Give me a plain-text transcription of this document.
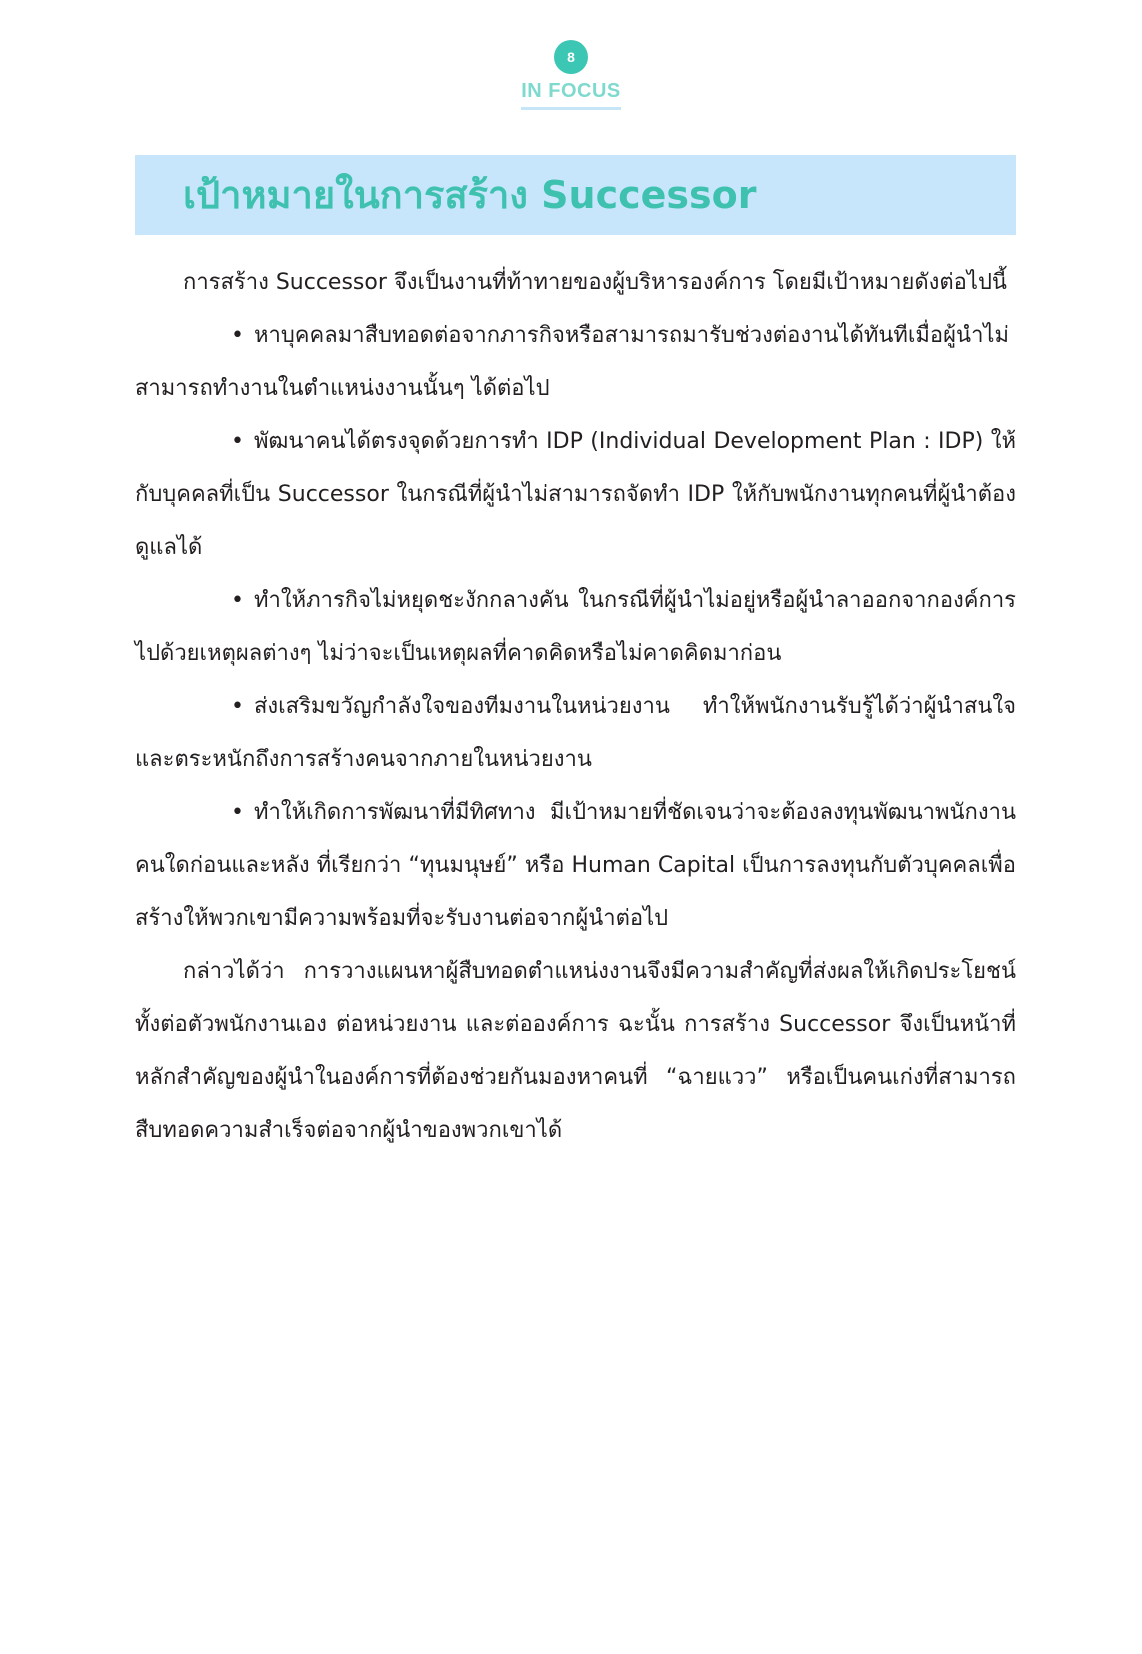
8
IN FOCUS
เป้าหมายในการสร้าง Successor

การสร้าง Successor จึงเป็นงานที่ท้าทายของผู้บริหารองค์การ โดยมีเป้าหมายดังต่อไปนี้

• หาบุคคลมาสืบทอดต่อจากภารกิจหรือสามารถมารับช่วงต่องานได้ทันทีเมื่อผู้นำไม่สามารถทำงานในตำแหน่งงานนั้นๆ ได้ต่อไป

• พัฒนาคนได้ตรงจุดด้วยการทำ IDP (Individual Development Plan : IDP) ให้กับบุคคลที่เป็น Successor ในกรณีที่ผู้นำไม่สามารถจัดทำ IDP ให้กับพนักงานทุกคนที่ผู้นำต้องดูแลได้

• ทำให้ภารกิจไม่หยุดชะงักกลางคัน ในกรณีที่ผู้นำไม่อยู่หรือผู้นำลาออกจากองค์การไปด้วยเหตุผลต่างๆ ไม่ว่าจะเป็นเหตุผลที่คาดคิดหรือไม่คาดคิดมาก่อน

• ส่งเสริมขวัญกำลังใจของทีมงานในหน่วยงาน ทำให้พนักงานรับรู้ได้ว่าผู้นำสนใจและตระหนักถึงการสร้างคนจากภายในหน่วยงาน

• ทำให้เกิดการพัฒนาที่มีทิศทาง มีเป้าหมายที่ชัดเจนว่าจะต้องลงทุนพัฒนาพนักงานคนใดก่อนและหลัง ที่เรียกว่า “ทุนมนุษย์” หรือ Human Capital เป็นการลงทุนกับตัวบุคคลเพื่อสร้างให้พวกเขามีความพร้อมที่จะรับงานต่อจากผู้นำต่อไป

กล่าวได้ว่า การวางแผนหาผู้สืบทอดตำแหน่งงานจึงมีความสำคัญที่ส่งผลให้เกิดประโยชน์ทั้งต่อตัวพนักงานเอง ต่อหน่วยงาน และต่อองค์การ ฉะนั้น การสร้าง Successor จึงเป็นหน้าที่หลักสำคัญของผู้นำในองค์การที่ต้องช่วยกันมองหาคนที่ “ฉายแวว” หรือเป็นคนเก่งที่สามารถสืบทอดความสำเร็จต่อจากผู้นำของพวกเขาได้
